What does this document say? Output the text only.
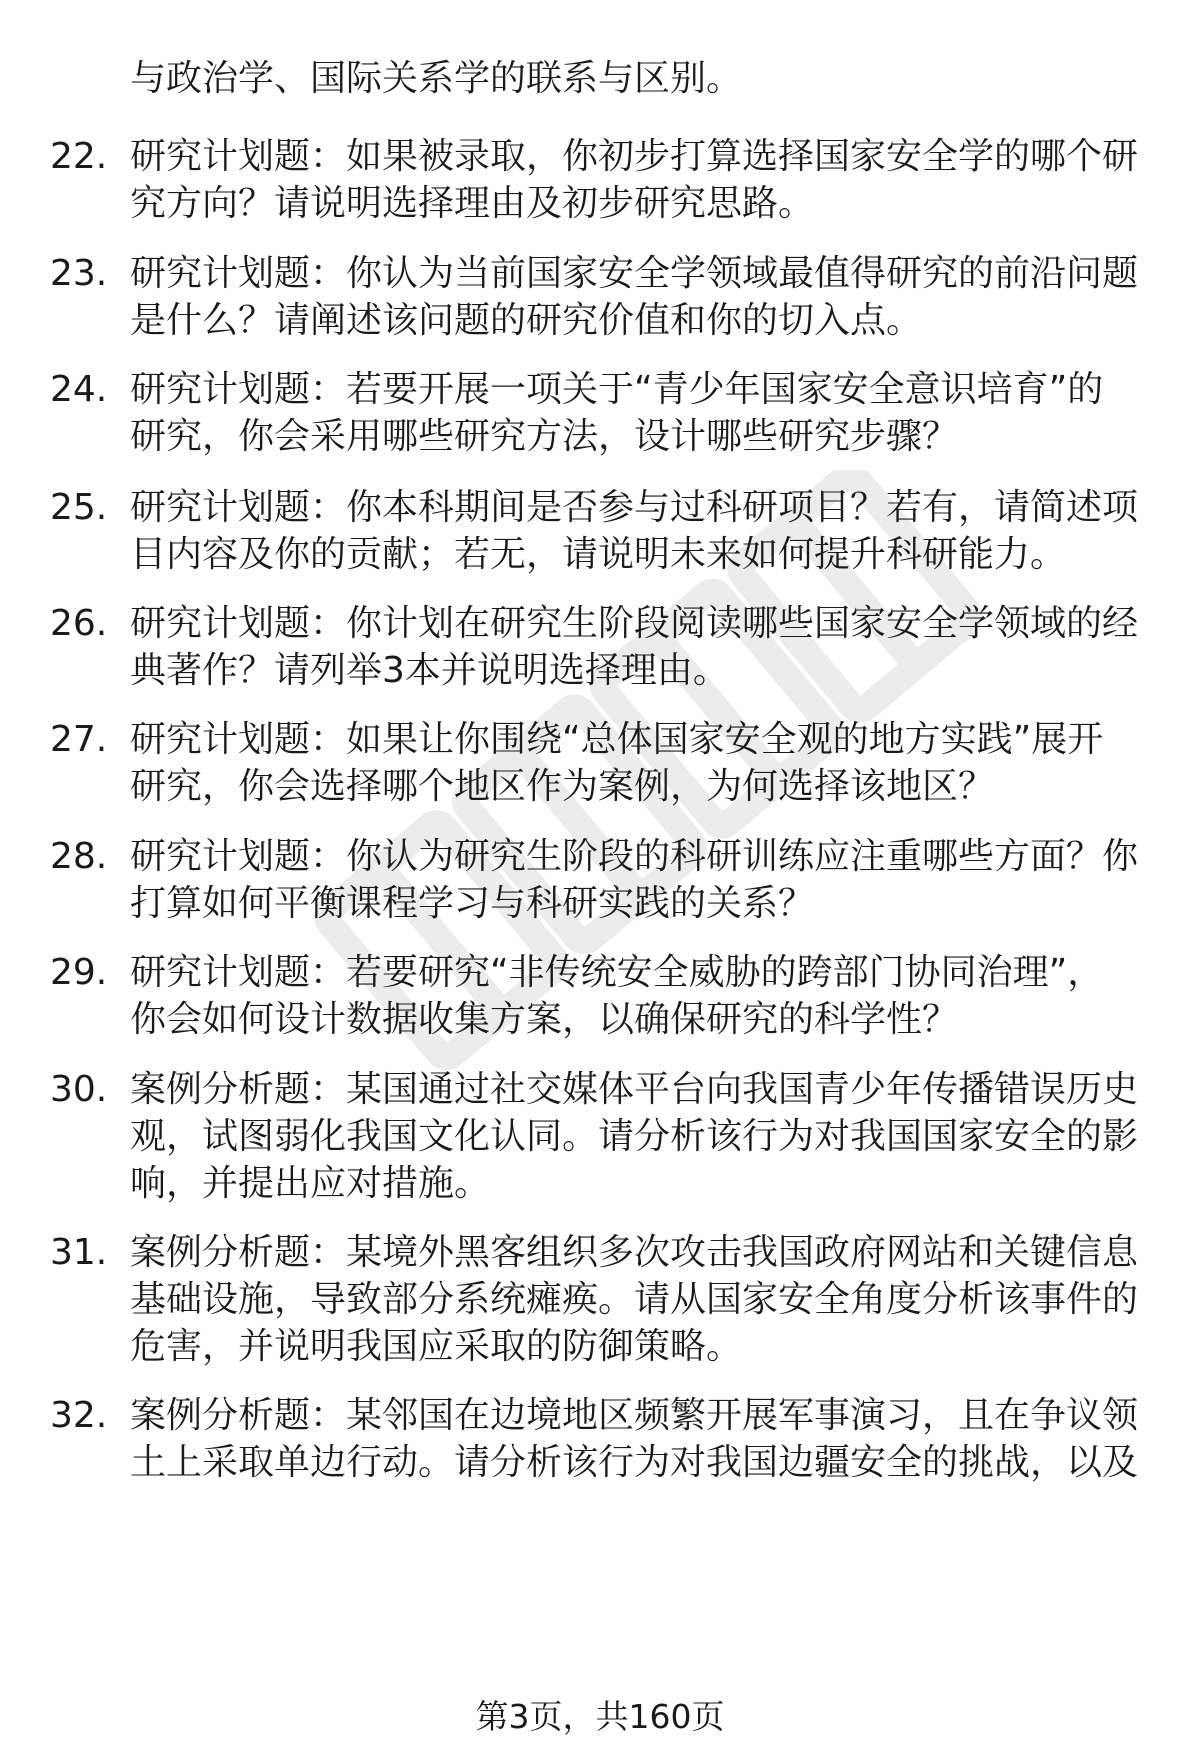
与政治学、国际关系学的联系与区别。
22. 研究计划题：如果被录取，你初步打算选择国家安全学的哪个研
究方向？请说明选择理由及初步研究思路。
23. 研究计划题：你认为当前国家安全学领域最值得研究的前沿问题
是什么？请阐述该问题的研究价值和你的切入点。
24. 研究计划题：若要开展一项关于“青少年国家安全意识培育”的
研究，你会采用哪些研究方法，设计哪些研究步骤？
25. 研究计划题：你本科期间是否参与过科研项目？若有，请简述项
目内容及你的贡献；若无，请说明未来如何提升科研能力。
26. 研究计划题：你计划在研究生阶段阅读哪些国家安全学领域的经
典著作？请列举3本并说明选择理由。
27. 研究计划题：如果让你围绕“总体国家安全观的地方实践”展开
研究，你会选择哪个地区作为案例，为何选择该地区？
28. 研究计划题：你认为研究生阶段的科研训练应注重哪些方面？你
打算如何平衡课程学习与科研实践的关系？
29. 研究计划题：若要研究“非传统安全威胁的跨部门协同治理”，
你会如何设计数据收集方案，以确保研究的科学性？
30. 案例分析题：某国通过社交媒体平台向我国青少年传播错误历史
观，试图弱化我国文化认同。请分析该行为对我国国家安全的影
响，并提出应对措施。
31. 案例分析题：某境外黑客组织多次攻击我国政府网站和关键信息
基础设施，导致部分系统瘫痪。请从国家安全角度分析该事件的
危害，并说明我国应采取的防御策略。
32. 案例分析题：某邻国在边境地区频繁开展军事演习，且在争议领
土上采取单边行动。请分析该行为对我国边疆安全的挑战，以及
第3页，共160页
